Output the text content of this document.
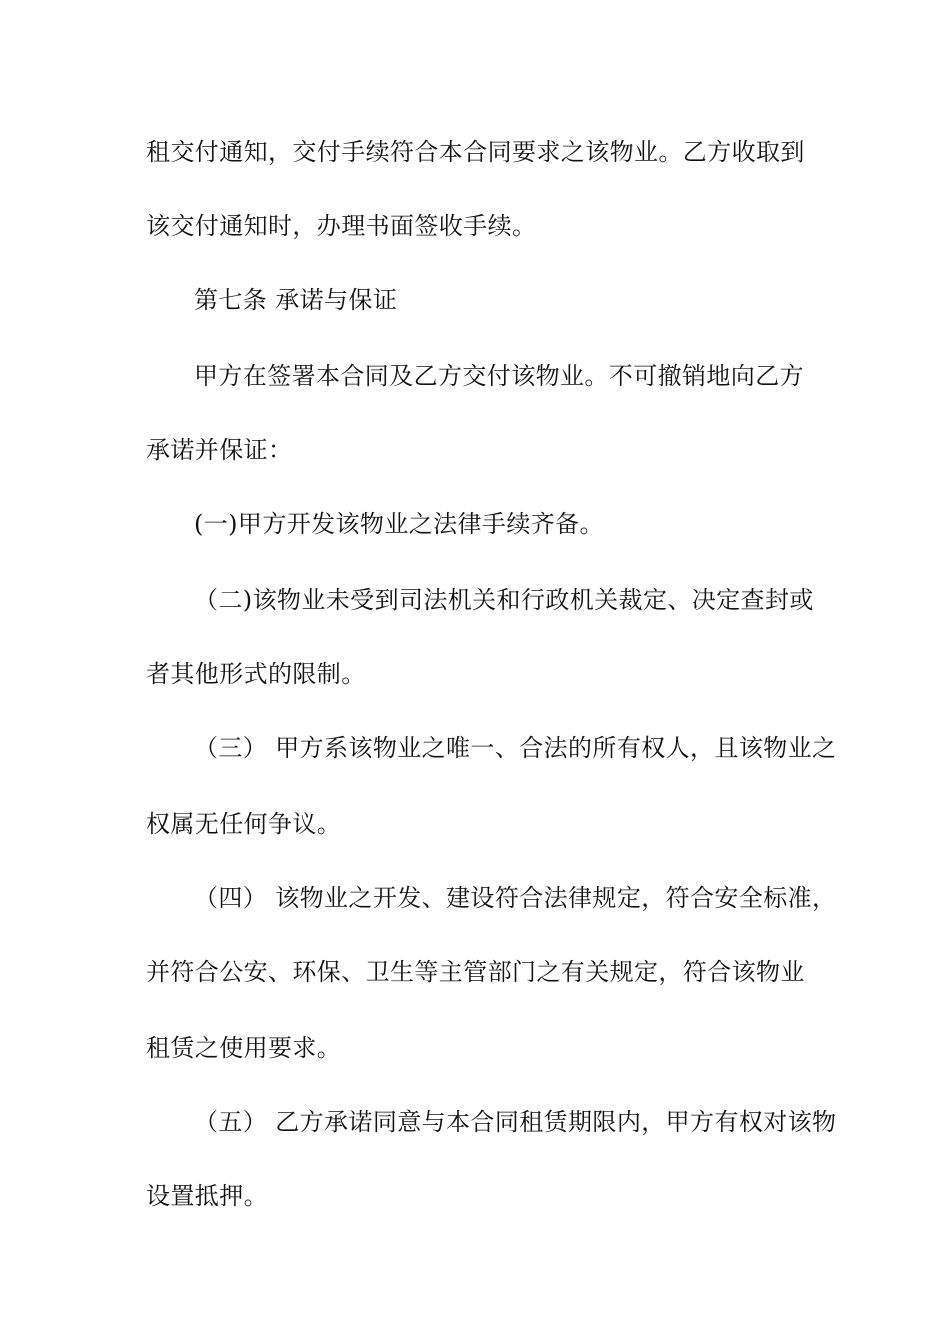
租交付通知，交付手续符合本合同要求之该物业。乙方收取到
该交付通知时，办理书面签收手续。
第七条 承诺与保证
甲方在签署本合同及乙方交付该物业。不可撤销地向乙方
承诺并保证：
(一)甲方开发该物业之法律手续齐备。
（二)该物业未受到司法机关和行政机关裁定、决定查封或
者其他形式的限制。
（三） 甲方系该物业之唯一、合法的所有权人，且该物业之
权属无任何争议。
（四） 该物业之开发、建设符合法律规定，符合安全标准，
并符合公安、环保、卫生等主管部门之有关规定，符合该物业
租赁之使用要求。
（五） 乙方承诺同意与本合同租赁期限内，甲方有权对该物
设置抵押。
